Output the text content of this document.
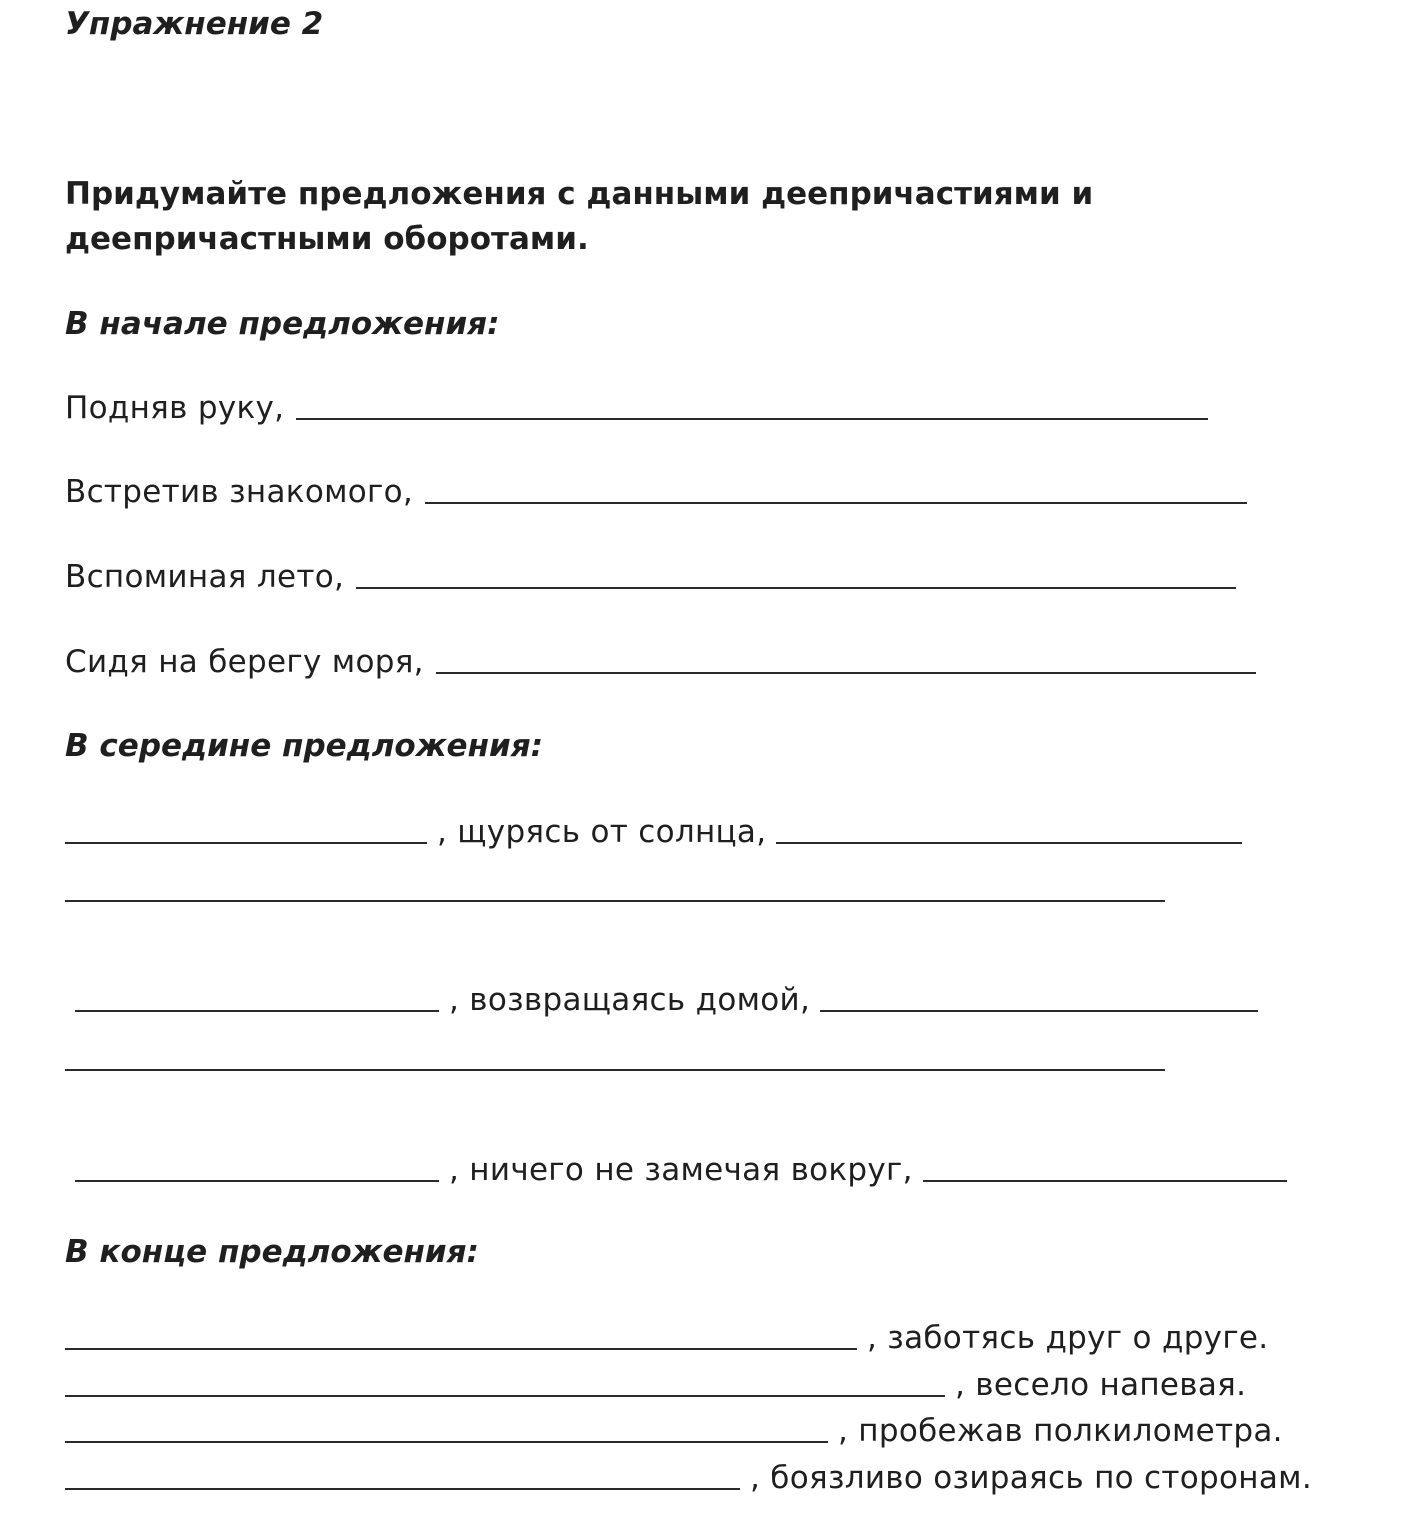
Упражнение 2
Придумайте предложения с данными деепричастиями и деепричастными оборотами.
В начале предложения:
Подняв руку,
Встретив знакомого,
Вспоминая лето,
Сидя на берегу моря,
В середине предложения:
, щурясь от солнца,
, возвращаясь домой,
, ничего не замечая вокруг,
В конце предложения:
, заботясь друг о друге.
, весело напевая.
, пробежав полкилометра.
, боязливо озираясь по сторонам.
